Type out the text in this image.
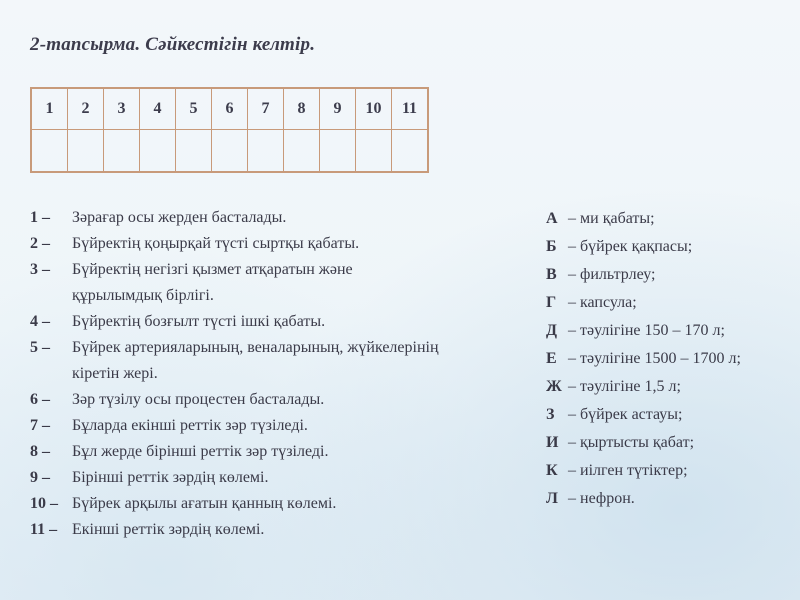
2-тапсырма. Сәйкестігін келтір.
1	2	3	4	5	6	7	8	9	10	11

1 – Зәрағар осы жерден басталады.
2 – Бүйректің қоңырқай түсті сыртқы қабаты.
3 – Бүйректің негізгі қызмет атқаратын және
құрылымдық бірлігі.
4 – Бүйректің бозғылт түсті ішкі қабаты.
5 – Бүйрек артерияларының, веналарының, жүйкелерінің
кіретін жері.
6 – Зәр түзілу осы процестен басталады.
7 – Бұларда екінші реттік зәр түзіледі.
8 – Бұл жерде бірінші реттік зәр түзіледі.
9 – Бірінші реттік зәрдің көлемі.
10 – Бүйрек арқылы ағатын қанның көлемі.
11 – Екінші реттік зәрдің көлемі.
А – ми қабаты;
Б – бүйрек қақпасы;
В – фильтрлеу;
Г – капсула;
Д – тәулігіне 150 – 170 л;
Е – тәулігіне 1500 – 1700 л;
Ж – тәулігіне 1,5 л;
З – бүйрек астауы;
И – қыртысты қабат;
К – иілген түтіктер;
Л – нефрон.
